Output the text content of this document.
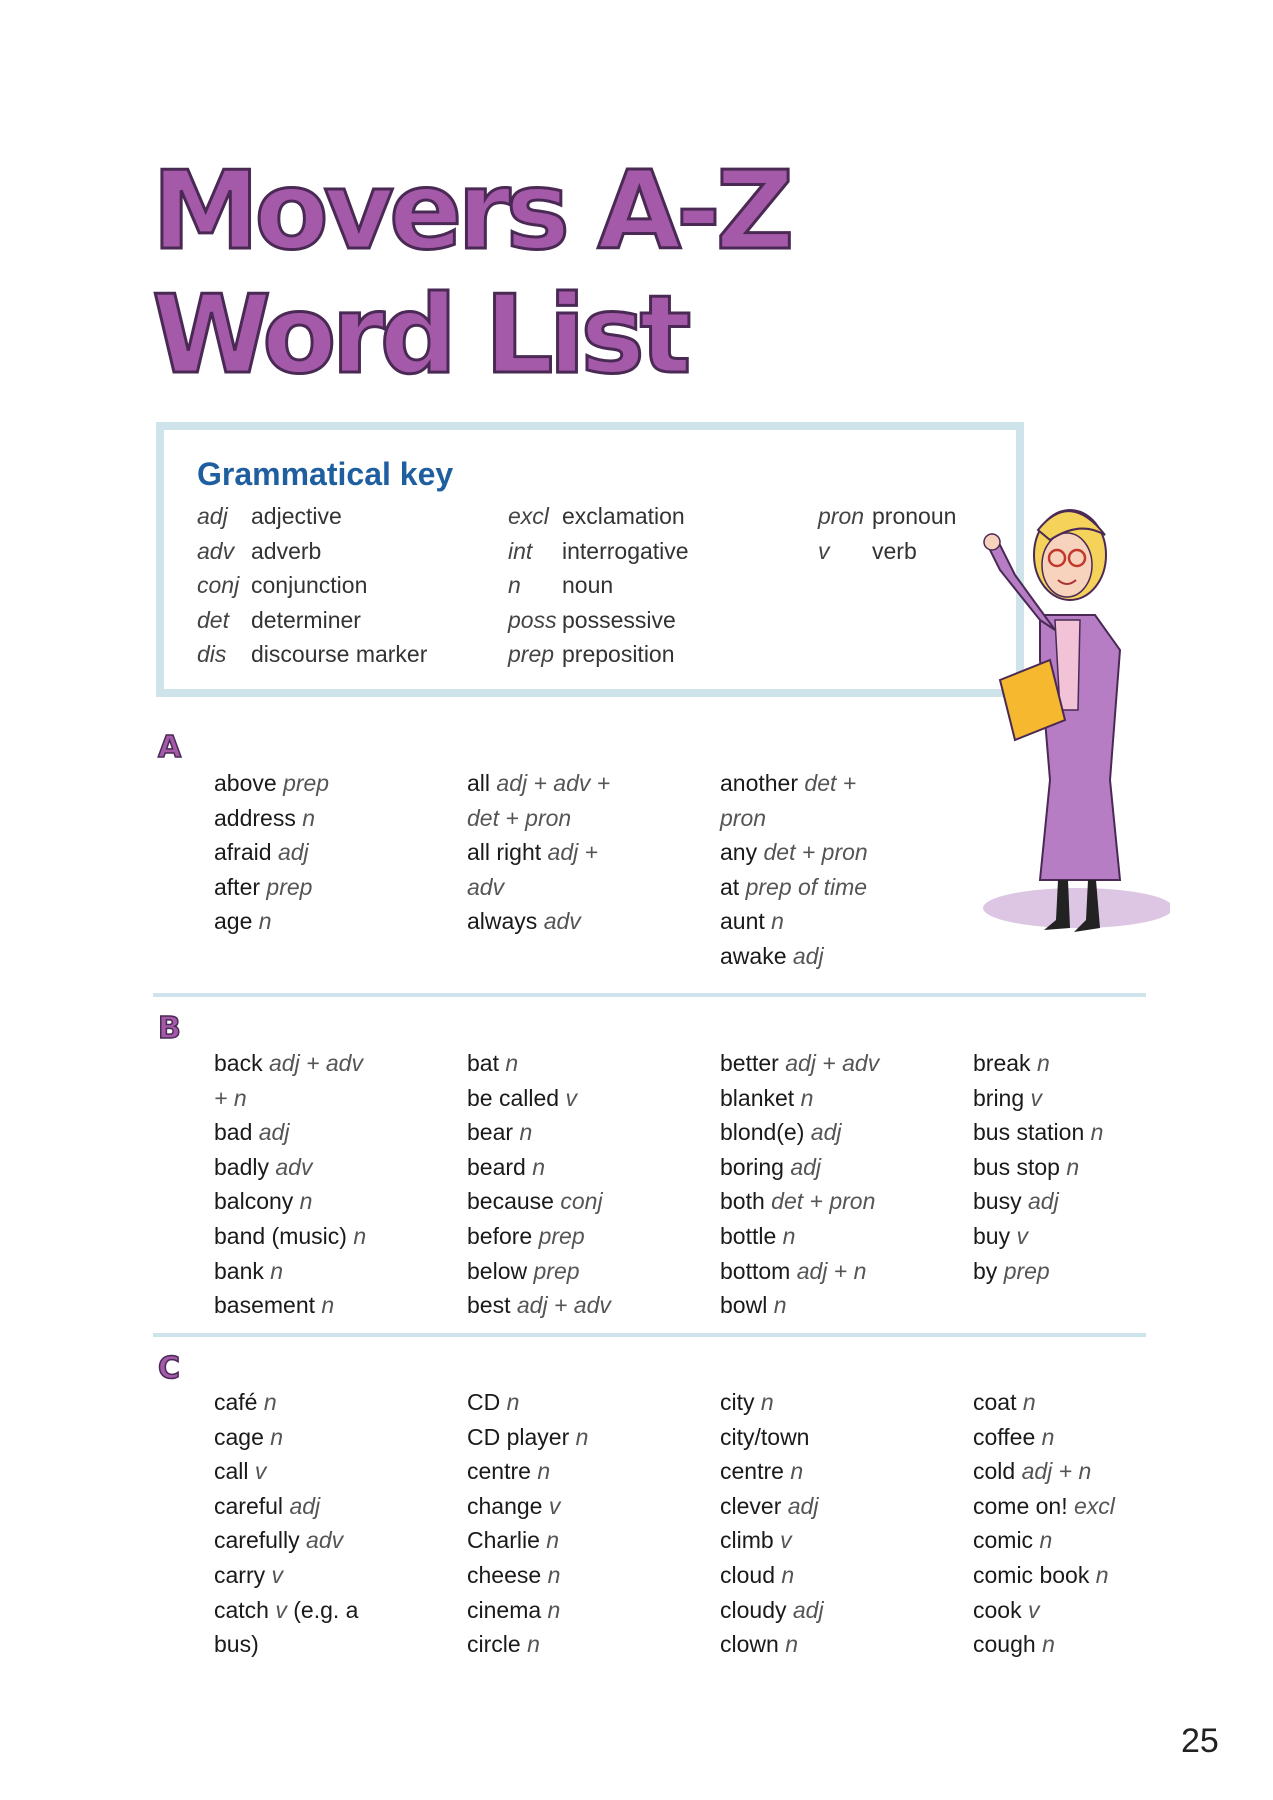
Movers A-Z
Word List
Grammatical key
adj adjective
adv adverb
conj conjunction
det determiner
dis discourse marker
excl exclamation
int interrogative
n noun
poss possessive
prep preposition
pron pronoun
v verb
A
above prep
address n
afraid adj
after prep
age n
all adj + adv +
det + pron
all right adj +
adv
always adv
another det +
pron
any det + pron
at prep of time
aunt n
awake adj
B
back adj + adv
+ n
bad adj
badly adv
balcony n
band (music) n
bank n
basement n
bat n
be called v
bear n
beard n
because conj
before prep
below prep
best adj + adv
better adj + adv
blanket n
blond(e) adj
boring adj
both det + pron
bottle n
bottom adj + n
bowl n
break n
bring v
bus station n
bus stop n
busy adj
buy v
by prep
C
café n
cage n
call v
careful adj
carefully adv
carry v
catch v (e.g. a
bus)
CD n
CD player n
centre n
change v
Charlie n
cheese n
cinema n
circle n
city n
city/town
centre n
clever adj
climb v
cloud n
cloudy adj
clown n
coat n
coffee n
cold adj + n
come on! excl
comic n
comic book n
cook v
cough n
25
